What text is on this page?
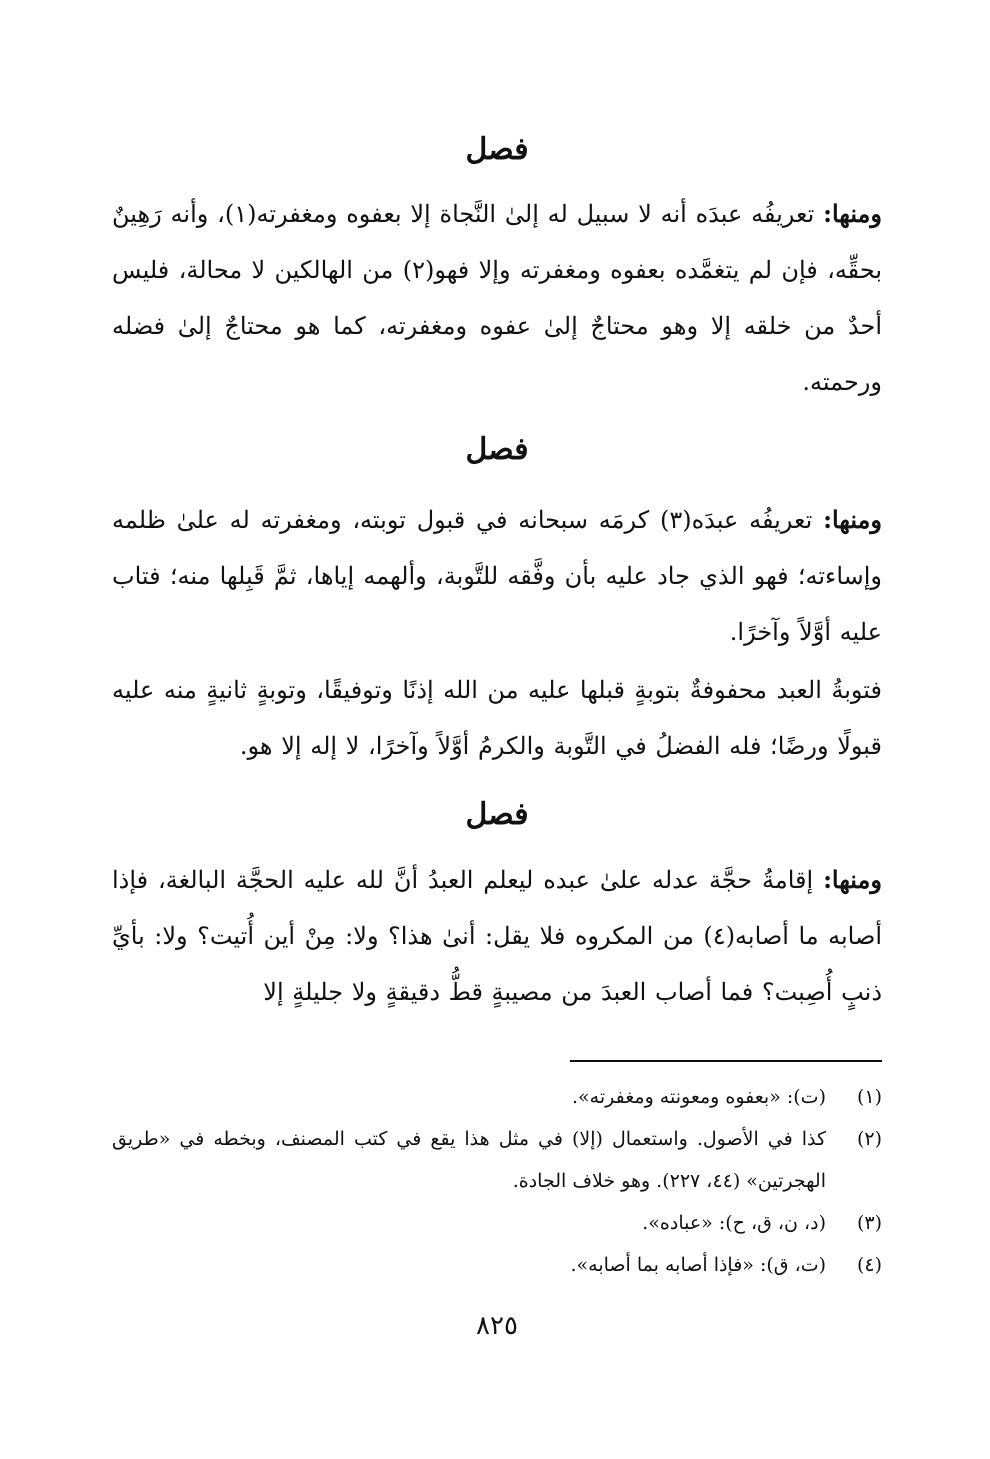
فصل

ومنها: تعريفُه عبدَه أنه لا سبيل له إلىٰ النَّجاة إلا بعفوه ومغفرته(١)، وأنه رَهِينٌ بحقِّه، فإن لم يتغمَّده بعفوه ومغفرته وإلا فهو(٢) من الهالكين لا محالة، فليس أحدٌ من خلقه إلا وهو محتاجٌ إلىٰ عفوه ومغفرته، كما هو محتاجٌ إلىٰ فضله ورحمته.

فصل

ومنها: تعريفُه عبدَه(٣) كرمَه سبحانه في قبول توبته، ومغفرته له علىٰ ظلمه وإساءته؛ فهو الذي جاد عليه بأن وفَّقه للتَّوبة، وألهمه إياها، ثمَّ قَبِلها منه؛ فتاب عليه أوَّلاً وآخرًا.

فتوبةُ العبد محفوفةٌ بتوبةٍ قبلها عليه من الله إذنًا وتوفيقًا، وتوبةٍ ثانيةٍ منه عليه قبولًا ورضًا؛ فله الفضلُ في التَّوبة والكرمُ أوَّلاً وآخرًا، لا إله إلا هو.

فصل

ومنها: إقامةُ حجَّة عدله علىٰ عبده ليعلم العبدُ أنَّ لله عليه الحجَّة البالغة، فإذا أصابه ما أصابه(٤) من المكروه فلا يقل: أنىٰ هذا؟ ولا: مِنْ أين أُتيت؟ ولا: بأيِّ ذنبٍ أُصِبت؟ فما أصاب العبدَ من مصيبةٍ قطُّ دقيقةٍ ولا جليلةٍ إلا

(١)
(ت): «بعفوه ومعونته ومغفرته».
(٢)
كذا في الأصول. واستعمال (إلا) في مثل هذا يقع في كتب المصنف، وبخطه في «طريق الهجرتين» (٤٤، ٢٢٧). وهو خلاف الجادة.
(٣)
(د، ن، ق، ح): «عباده».
(٤)
(ت، ق): «فإذا أصابه بما أصابه».
٨٢٥
